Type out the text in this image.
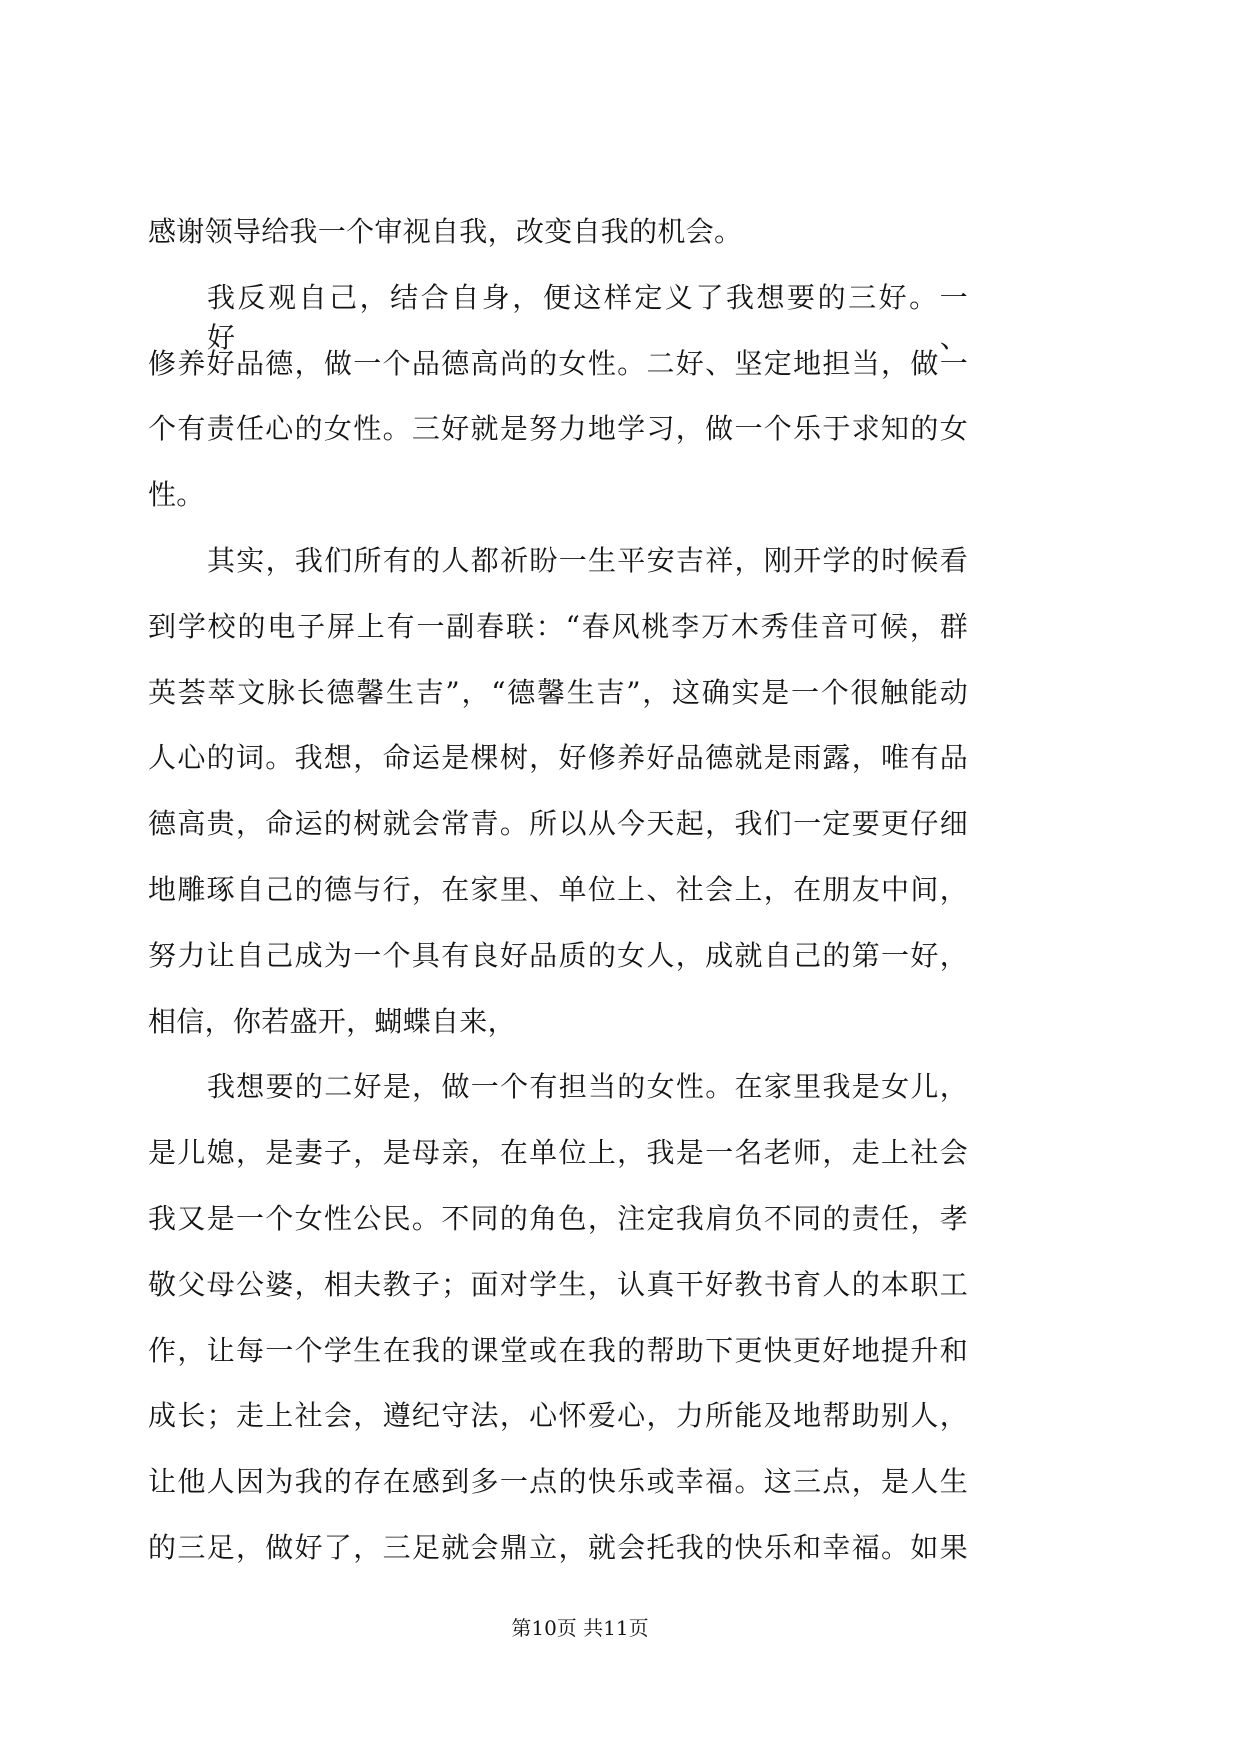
感谢领导给我一个审视自我，改变自我的机会。
我反观自己，结合自身，便这样定义了我想要的三好。一好、
修养好品德，做一个品德高尚的女性。二好、坚定地担当，做一
个有责任心的女性。三好就是努力地学习，做一个乐于求知的女
性。
其实，我们所有的人都祈盼一生平安吉祥，刚开学的时候看
到学校的电子屏上有一副春联：“春风桃李万木秀佳音可候，群
英荟萃文脉长德馨生吉”，“德馨生吉”，这确实是一个很触能动
人心的词。我想，命运是棵树，好修养好品德就是雨露，唯有品
德高贵，命运的树就会常青。所以从今天起，我们一定要更仔细
地雕琢自己的德与行，在家里、单位上、社会上，在朋友中间，
努力让自己成为一个具有良好品质的女人，成就自己的第一好，
相信，你若盛开，蝴蝶自来，
我想要的二好是，做一个有担当的女性。在家里我是女儿，
是儿媳，是妻子，是母亲，在单位上，我是一名老师，走上社会
我又是一个女性公民。不同的角色，注定我肩负不同的责任，孝
敬父母公婆，相夫教子；面对学生，认真干好教书育人的本职工
作，让每一个学生在我的课堂或在我的帮助下更快更好地提升和
成长；走上社会，遵纪守法，心怀爱心，力所能及地帮助别人，
让他人因为我的存在感到多一点的快乐或幸福。这三点，是人生
的三足，做好了，三足就会鼎立，就会托我的快乐和幸福。如果
第10页 共11页
